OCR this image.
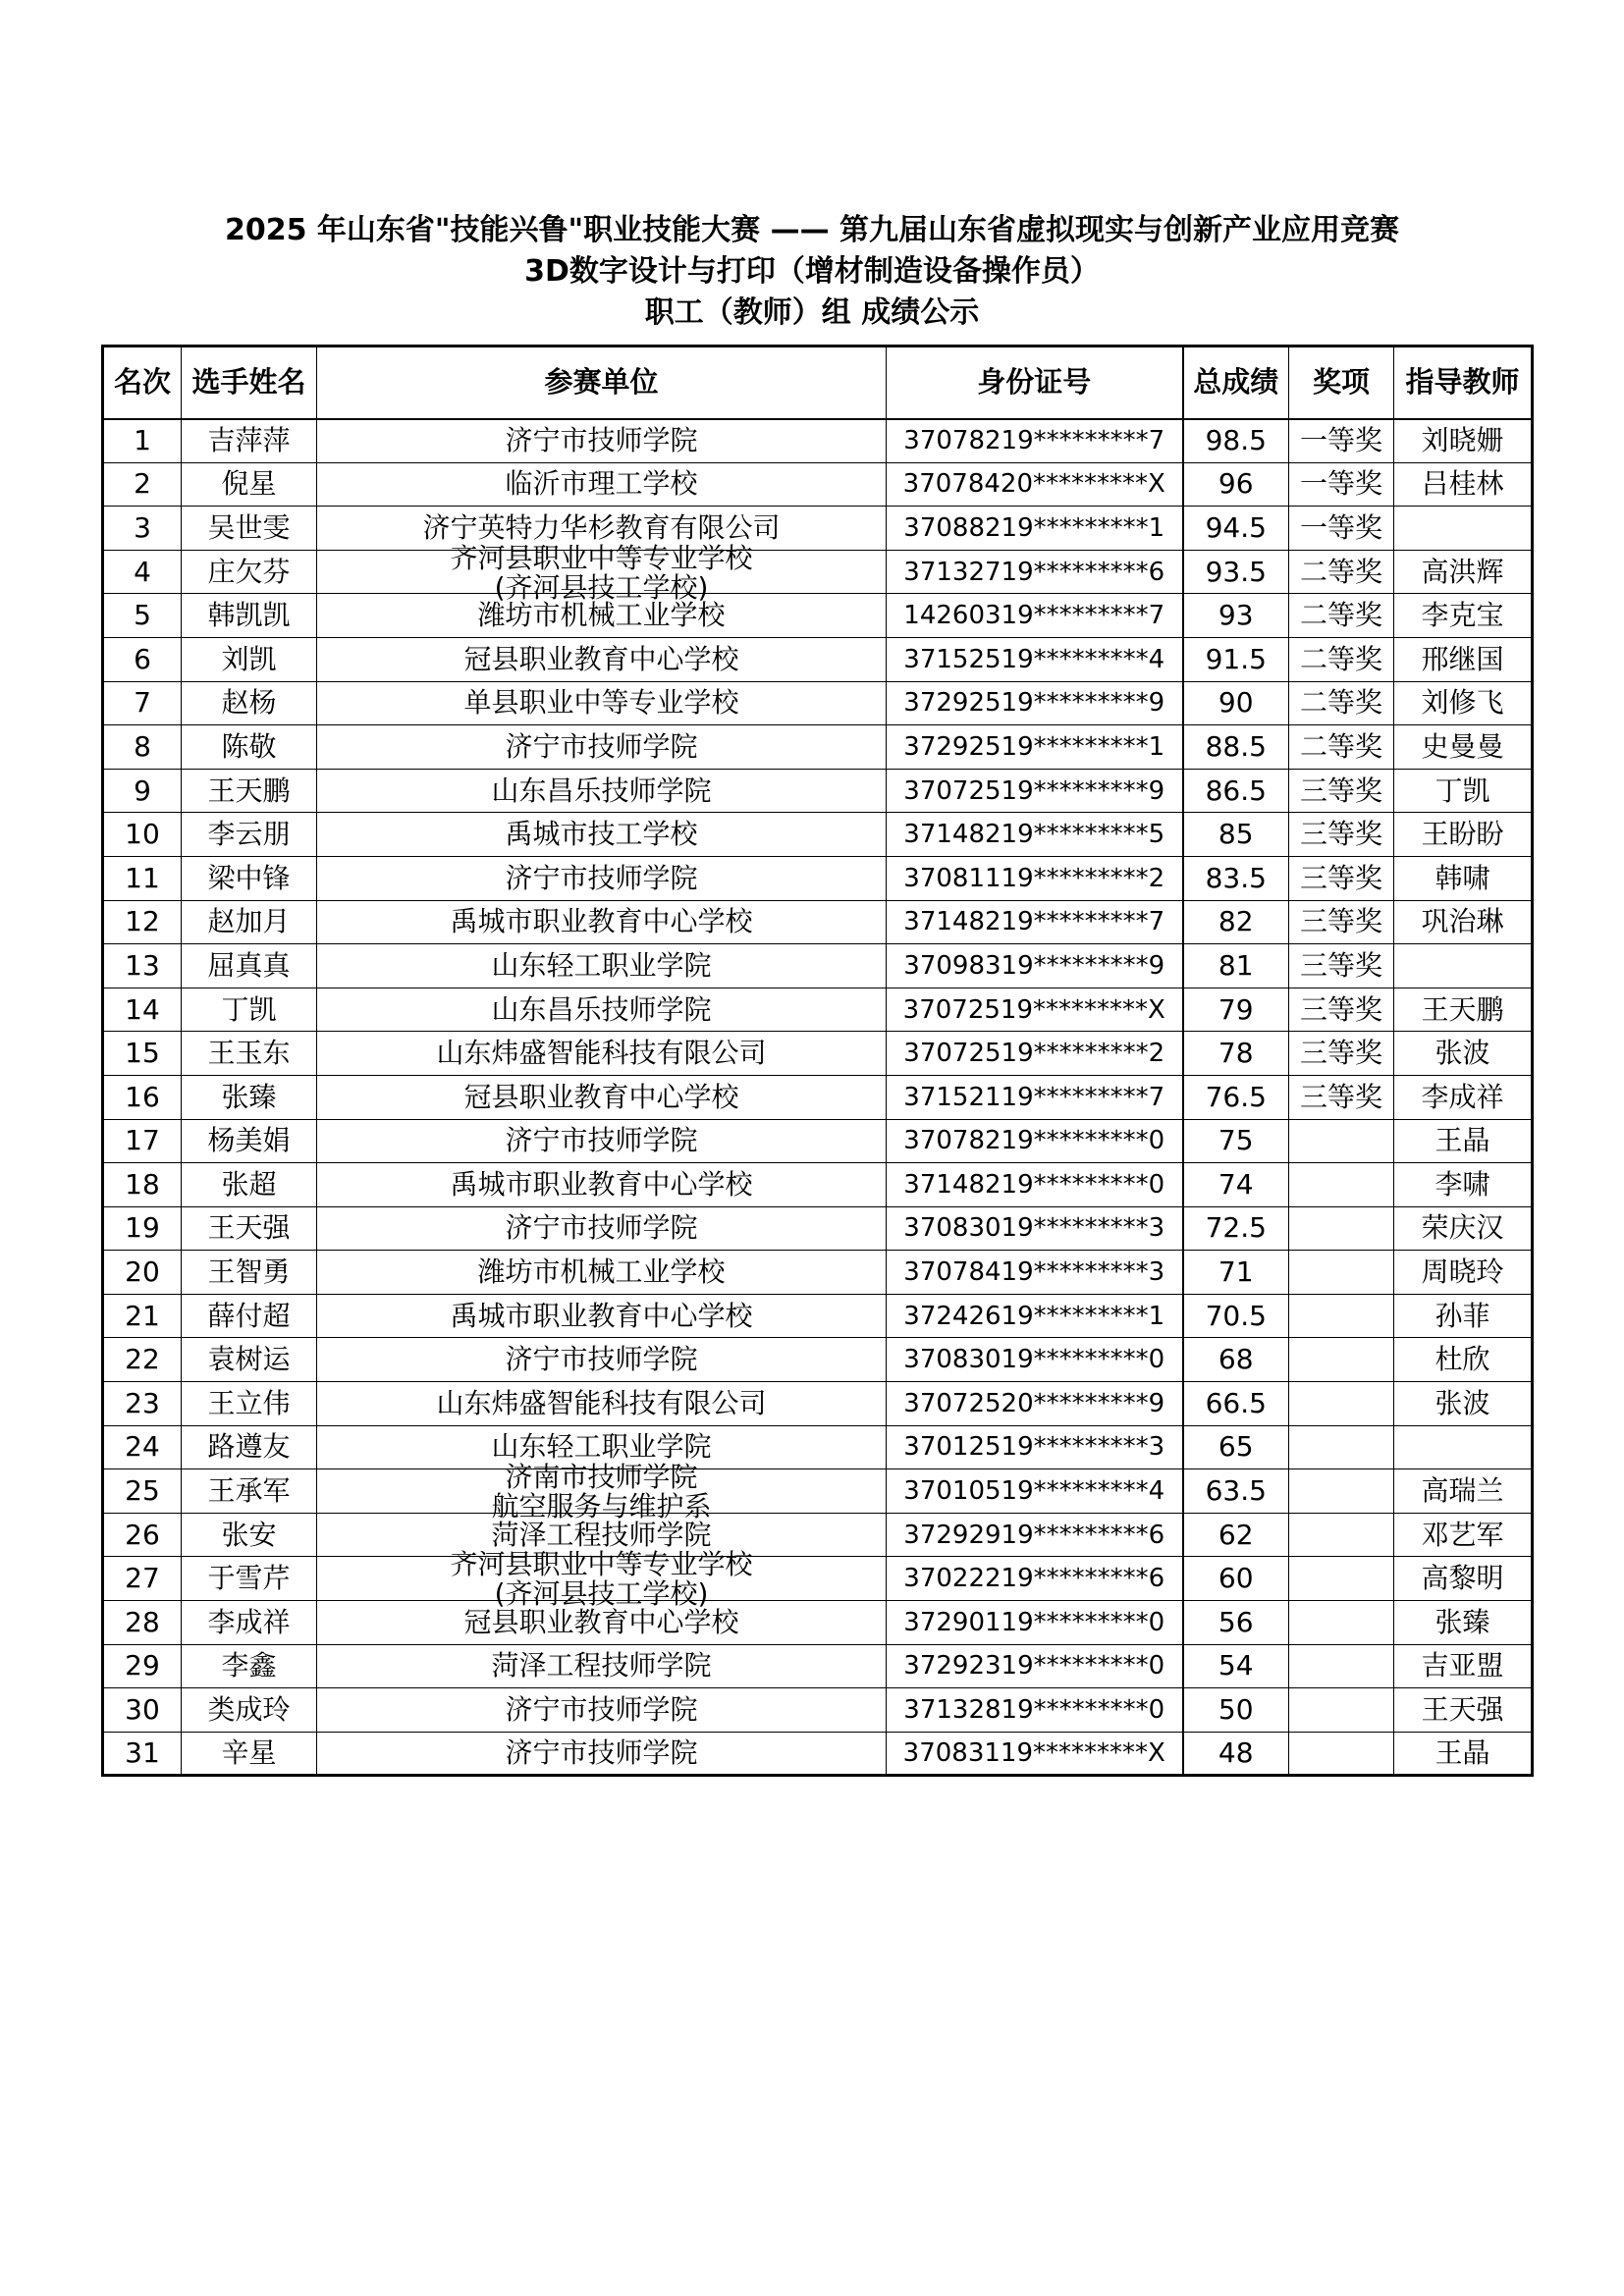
2025 年山东省"技能兴鲁"职业技能大赛 —— 第九届山东省虚拟现实与创新产业应用竞赛
3D数字设计与打印（增材制造设备操作员）
职工（教师）组 成绩公示
名次	选手姓名	参赛单位	身份证号	总成绩	奖项	指导教师
1	吉萍萍	济宁市技师学院	37078219*********7	98.5	一等奖	刘晓姗
2	倪星	临沂市理工学校	37078420*********X	96	一等奖	吕桂林
3	吴世雯	济宁英特力华杉教育有限公司	37088219*********1	94.5	一等奖	
4	庄欠芬	齐河县职业中等专业学校
(齐河县技工学校)	37132719*********6	93.5	二等奖	高洪辉
5	韩凯凯	潍坊市机械工业学校	14260319*********7	93	二等奖	李克宝
6	刘凯	冠县职业教育中心学校	37152519*********4	91.5	二等奖	邢继国
7	赵杨	单县职业中等专业学校	37292519*********9	90	二等奖	刘修飞
8	陈敬	济宁市技师学院	37292519*********1	88.5	二等奖	史曼曼
9	王天鹏	山东昌乐技师学院	37072519*********9	86.5	三等奖	丁凯
10	李云朋	禹城市技工学校	37148219*********5	85	三等奖	王盼盼
11	梁中锋	济宁市技师学院	37081119*********2	83.5	三等奖	韩啸
12	赵加月	禹城市职业教育中心学校	37148219*********7	82	三等奖	巩治琳
13	屈真真	山东轻工职业学院	37098319*********9	81	三等奖	
14	丁凯	山东昌乐技师学院	37072519*********X	79	三等奖	王天鹏
15	王玉东	山东炜盛智能科技有限公司	37072519*********2	78	三等奖	张波
16	张臻	冠县职业教育中心学校	37152119*********7	76.5	三等奖	李成祥
17	杨美娟	济宁市技师学院	37078219*********0	75		王晶
18	张超	禹城市职业教育中心学校	37148219*********0	74		李啸
19	王天强	济宁市技师学院	37083019*********3	72.5		荣庆汉
20	王智勇	潍坊市机械工业学校	37078419*********3	71		周晓玲
21	薛付超	禹城市职业教育中心学校	37242619*********1	70.5		孙菲
22	袁树运	济宁市技师学院	37083019*********0	68		杜欣
23	王立伟	山东炜盛智能科技有限公司	37072520*********9	66.5		张波
24	路遵友	山东轻工职业学院	37012519*********3	65		
25	王承军	济南市技师学院
航空服务与维护系	37010519*********4	63.5		高瑞兰
26	张安	菏泽工程技师学院	37292919*********6	62		邓艺军
27	于雪芹	齐河县职业中等专业学校
(齐河县技工学校)	37022219*********6	60		高黎明
28	李成祥	冠县职业教育中心学校	37290119*********0	56		张臻
29	李鑫	菏泽工程技师学院	37292319*********0	54		吉亚盟
30	类成玲	济宁市技师学院	37132819*********0	50		王天强
31	辛星	济宁市技师学院	37083119*********X	48		王晶
